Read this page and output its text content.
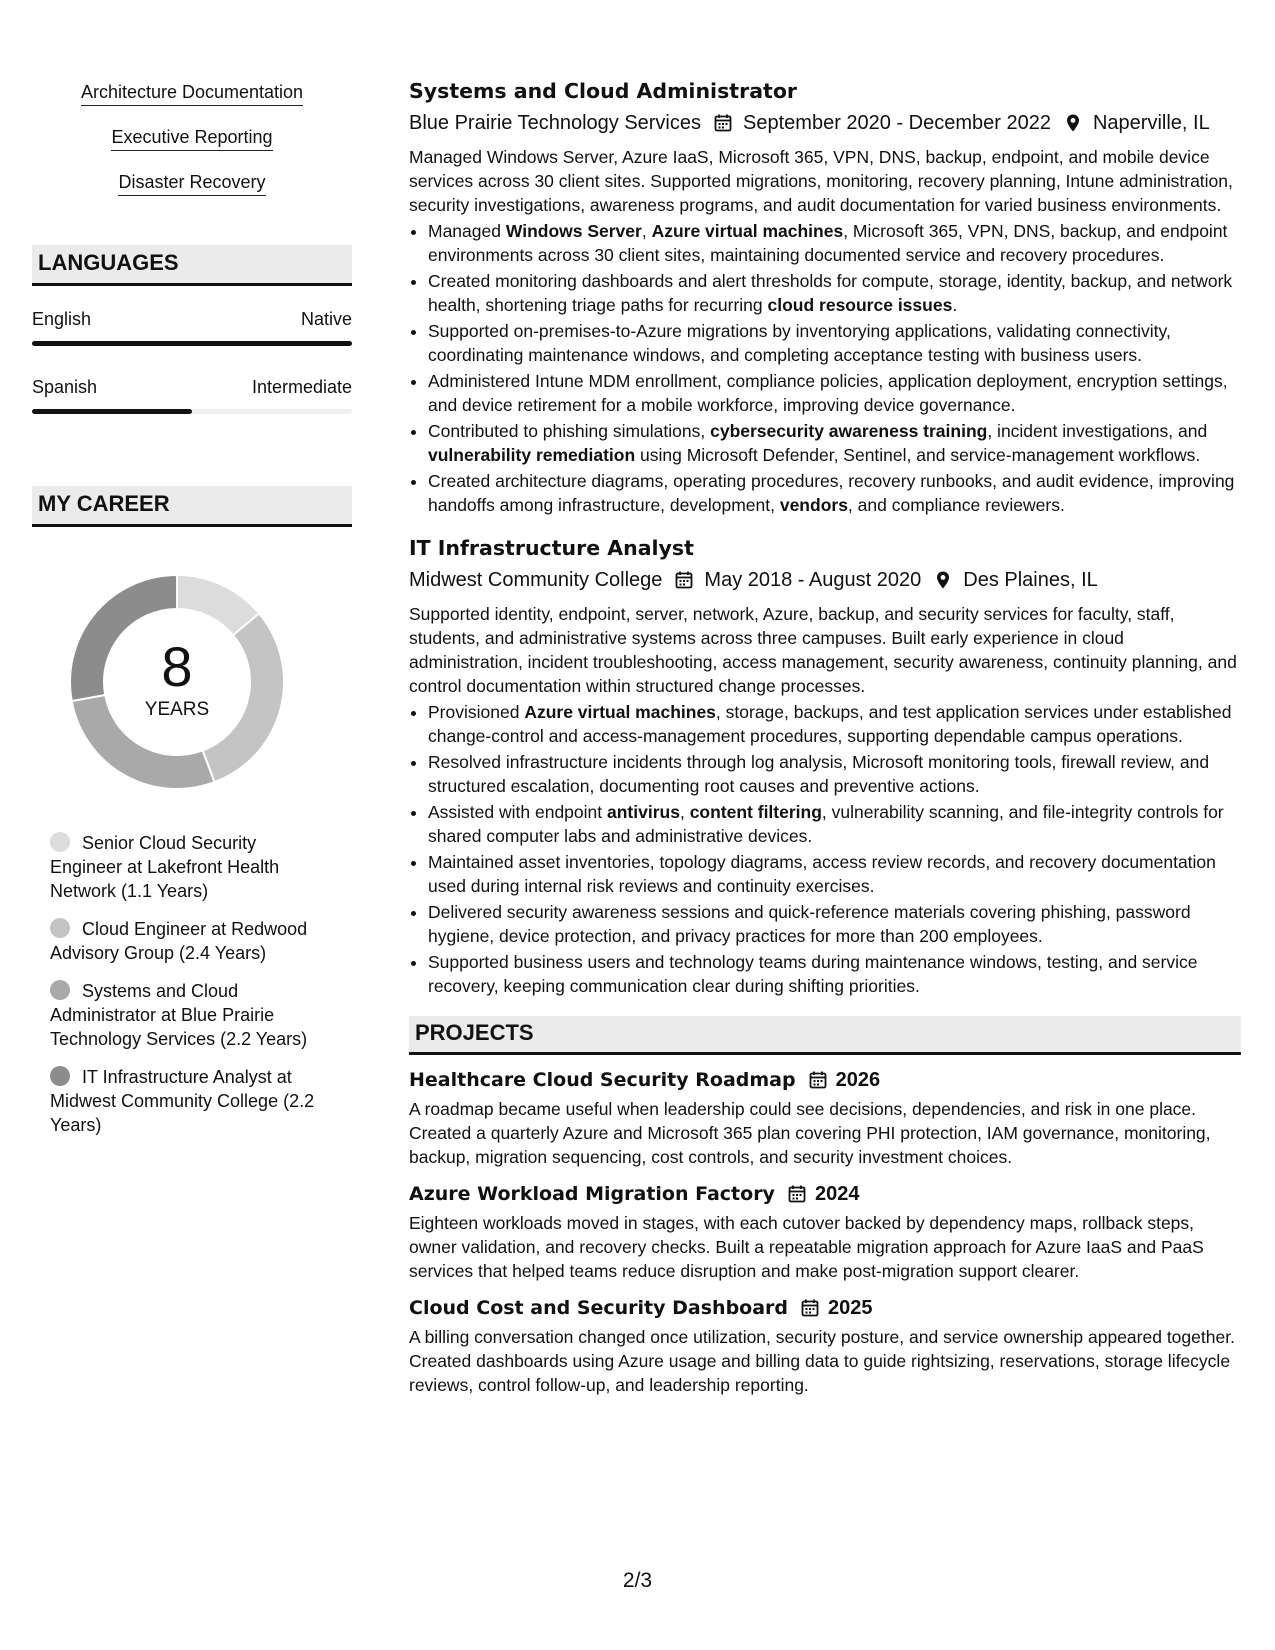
Architecture Documentation
Executive Reporting
Disaster Recovery
LANGUAGES
English	Native
Spanish	Intermediate
MY CAREER
8
YEARS
Senior Cloud Security Engineer at Lakefront Health Network (1.1 Years)
Cloud Engineer at Redwood Advisory Group (2.4 Years)
Systems and Cloud Administrator at Blue Prairie Technology Services (2.2 Years)
IT Infrastructure Analyst at Midwest Community College (2.2 Years)
Systems and Cloud Administrator
Blue Prairie Technology Services September 2020 - December 2022 Naperville, IL
Managed Windows Server, Azure IaaS, Microsoft 365, VPN, DNS, backup, endpoint, and mobile device services across 30 client sites. Supported migrations, monitoring, recovery planning, Intune administration, security investigations, awareness programs, and audit documentation for varied business environments.
• Managed Windows Server, Azure virtual machines, Microsoft 365, VPN, DNS, backup, and endpoint environments across 30 client sites, maintaining documented service and recovery procedures.
• Created monitoring dashboards and alert thresholds for compute, storage, identity, backup, and network health, shortening triage paths for recurring cloud resource issues.
• Supported on-premises-to-Azure migrations by inventorying applications, validating connectivity, coordinating maintenance windows, and completing acceptance testing with business users.
• Administered Intune MDM enrollment, compliance policies, application deployment, encryption settings, and device retirement for a mobile workforce, improving device governance.
• Contributed to phishing simulations, cybersecurity awareness training, incident investigations, and vulnerability remediation using Microsoft Defender, Sentinel, and service-management workflows.
• Created architecture diagrams, operating procedures, recovery runbooks, and audit evidence, improving handoffs among infrastructure, development, vendors, and compliance reviewers.
IT Infrastructure Analyst
Midwest Community College May 2018 - August 2020 Des Plaines, IL
Supported identity, endpoint, server, network, Azure, backup, and security services for faculty, staff, students, and administrative systems across three campuses. Built early experience in cloud administration, incident troubleshooting, access management, security awareness, continuity planning, and control documentation within structured change processes.
• Provisioned Azure virtual machines, storage, backups, and test application services under established change-control and access-management procedures, supporting dependable campus operations.
• Resolved infrastructure incidents through log analysis, Microsoft monitoring tools, firewall review, and structured escalation, documenting root causes and preventive actions.
• Assisted with endpoint antivirus, content filtering, vulnerability scanning, and file-integrity controls for shared computer labs and administrative devices.
• Maintained asset inventories, topology diagrams, access review records, and recovery documentation used during internal risk reviews and continuity exercises.
• Delivered security awareness sessions and quick-reference materials covering phishing, password hygiene, device protection, and privacy practices for more than 200 employees.
• Supported business users and technology teams during maintenance windows, testing, and service recovery, keeping communication clear during shifting priorities.
PROJECTS
Healthcare Cloud Security Roadmap 2026
A roadmap became useful when leadership could see decisions, dependencies, and risk in one place. Created a quarterly Azure and Microsoft 365 plan covering PHI protection, IAM governance, monitoring, backup, migration sequencing, cost controls, and security investment choices.
Azure Workload Migration Factory 2024
Eighteen workloads moved in stages, with each cutover backed by dependency maps, rollback steps, owner validation, and recovery checks. Built a repeatable migration approach for Azure IaaS and PaaS services that helped teams reduce disruption and make post-migration support clearer.
Cloud Cost and Security Dashboard 2025
A billing conversation changed once utilization, security posture, and service ownership appeared together. Created dashboards using Azure usage and billing data to guide rightsizing, reservations, storage lifecycle reviews, control follow-up, and leadership reporting.
2/3
